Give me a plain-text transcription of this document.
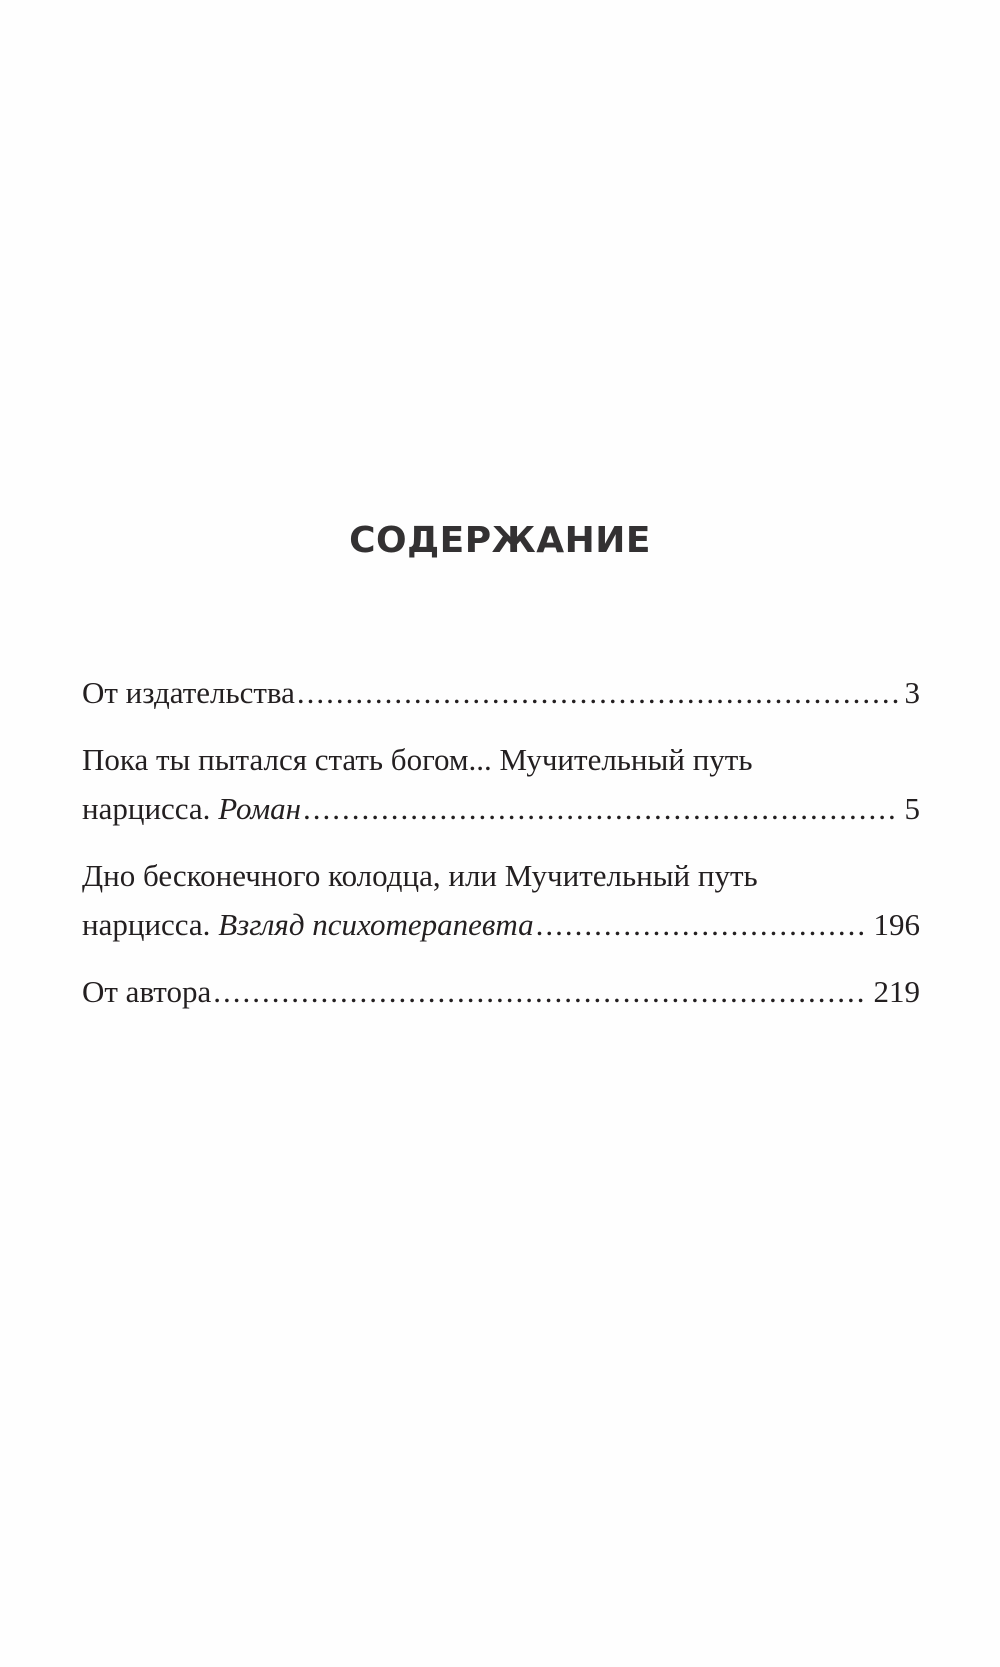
СОДЕРЖАНИЕ
От издательства .....	3
Пока ты пытался стать богом... Мучительный путь
нарцисса. Роман .....	5
Дно бесконечного колодца, или Мучительный путь
нарцисса. Взгляд психотерапевта .....	196
От автора .....	219
